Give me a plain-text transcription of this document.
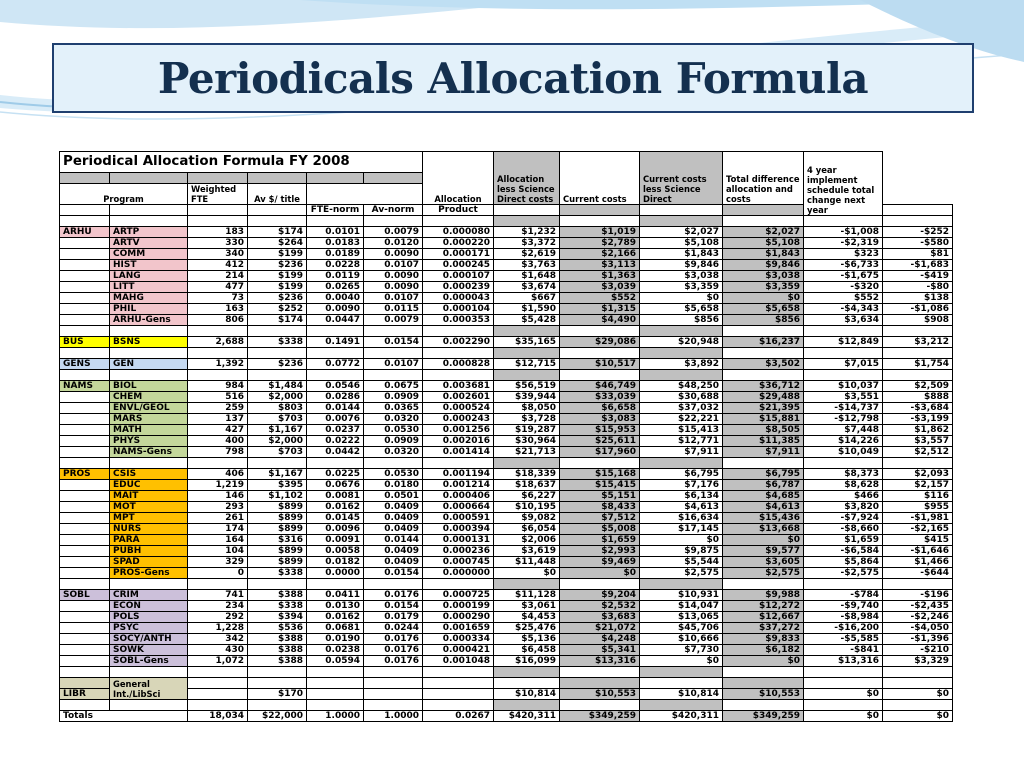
Periodicals Allocation Formula
Periodical Allocation Formula FY 2008						Allocation	Allocation less Science Direct costs	Current costs	Current costs less Science Direct	Total difference allocation and costs	4 year implement schedule total change next year	

Program		Weighted FTE	Av $/ title									

				FTE-norm	Av-norm	Product						

ARHU	ARTP	183	$174	0.0101	0.0079	0.000080	$1,232	$1,019	$2,027	$2,027	-$1,008	-$252
	ARTV	330	$264	0.0183	0.0120	0.000220	$3,372	$2,789	$5,108	$5,108	-$2,319	-$580
	COMM	340	$199	0.0189	0.0090	0.000171	$2,619	$2,166	$1,843	$1,843	$323	$81
	HIST	412	$236	0.0228	0.0107	0.000245	$3,763	$3,113	$9,846	$9,846	-$6,733	-$1,683
	LANG	214	$199	0.0119	0.0090	0.000107	$1,648	$1,363	$3,038	$3,038	-$1,675	-$419
	LITT	477	$199	0.0265	0.0090	0.000239	$3,674	$3,039	$3,359	$3,359	-$320	-$80
	MAHG	73	$236	0.0040	0.0107	0.000043	$667	$552	$0	$0	$552	$138
	PHIL	163	$252	0.0090	0.0115	0.000104	$1,590	$1,315	$5,658	$5,658	-$4,343	-$1,086
	ARHU-Gens	806	$174	0.0447	0.0079	0.000353	$5,428	$4,490	$856	$856	$3,634	$908

BUS	BSNS	2,688	$338	0.1491	0.0154	0.002290	$35,165	$29,086	$20,948	$16,237	$12,849	$3,212

GENS	GEN	1,392	$236	0.0772	0.0107	0.000828	$12,715	$10,517	$3,892	$3,502	$7,015	$1,754

NAMS	BIOL	984	$1,484	0.0546	0.0675	0.003681	$56,519	$46,749	$48,250	$36,712	$10,037	$2,509
	CHEM	516	$2,000	0.0286	0.0909	0.002601	$39,944	$33,039	$30,688	$29,488	$3,551	$888
	ENVL/GEOL	259	$803	0.0144	0.0365	0.000524	$8,050	$6,658	$37,032	$21,395	-$14,737	-$3,684
	MARS	137	$703	0.0076	0.0320	0.000243	$3,728	$3,083	$22,221	$15,881	-$12,798	-$3,199
	MATH	427	$1,167	0.0237	0.0530	0.001256	$19,287	$15,953	$15,413	$8,505	$7,448	$1,862
	PHYS	400	$2,000	0.0222	0.0909	0.002016	$30,964	$25,611	$12,771	$11,385	$14,226	$3,557
	NAMS-Gens	798	$703	0.0442	0.0320	0.001414	$21,713	$17,960	$7,911	$7,911	$10,049	$2,512

PROS	CSIS	406	$1,167	0.0225	0.0530	0.001194	$18,339	$15,168	$6,795	$6,795	$8,373	$2,093
	EDUC	1,219	$395	0.0676	0.0180	0.001214	$18,637	$15,415	$7,176	$6,787	$8,628	$2,157
	MAIT	146	$1,102	0.0081	0.0501	0.000406	$6,227	$5,151	$6,134	$4,685	$466	$116
	MOT	293	$899	0.0162	0.0409	0.000664	$10,195	$8,433	$4,613	$4,613	$3,820	$955
	MPT	261	$899	0.0145	0.0409	0.000591	$9,082	$7,512	$16,634	$15,436	-$7,924	-$1,981
	NURS	174	$899	0.0096	0.0409	0.000394	$6,054	$5,008	$17,145	$13,668	-$8,660	-$2,165
	PARA	164	$316	0.0091	0.0144	0.000131	$2,006	$1,659	$0	$0	$1,659	$415
	PUBH	104	$899	0.0058	0.0409	0.000236	$3,619	$2,993	$9,875	$9,577	-$6,584	-$1,646
	SPAD	329	$899	0.0182	0.0409	0.000745	$11,448	$9,469	$5,544	$3,605	$5,864	$1,466
	PROS-Gens	0	$338	0.0000	0.0154	0.000000	$0	$0	$2,575	$2,575	-$2,575	-$644

SOBL	CRIM	741	$388	0.0411	0.0176	0.000725	$11,128	$9,204	$10,931	$9,988	-$784	-$196
	ECON	234	$338	0.0130	0.0154	0.000199	$3,061	$2,532	$14,047	$12,272	-$9,740	-$2,435
	POLS	292	$394	0.0162	0.0179	0.000290	$4,453	$3,683	$13,065	$12,667	-$8,984	-$2,246
	PSYC	1,228	$536	0.0681	0.0244	0.001659	$25,476	$21,072	$45,706	$37,272	-$16,200	-$4,050
	SOCY/ANTH	342	$388	0.0190	0.0176	0.000334	$5,136	$4,248	$10,666	$9,833	-$5,585	-$1,396
	SOWK	430	$388	0.0238	0.0176	0.000421	$6,458	$5,341	$7,730	$6,182	-$841	-$210
	SOBL-Gens	1,072	$388	0.0594	0.0176	0.001048	$16,099	$13,316	$0	$0	$13,316	$3,329

	General Int./LibSci											
LIBR			$170				$10,814	$10,553	$10,814	$10,553	$0	$0

Totals		18,034	$22,000	1.0000	1.0000	0.0267	$420,311	$349,259	$420,311	$349,259	$0	$0
